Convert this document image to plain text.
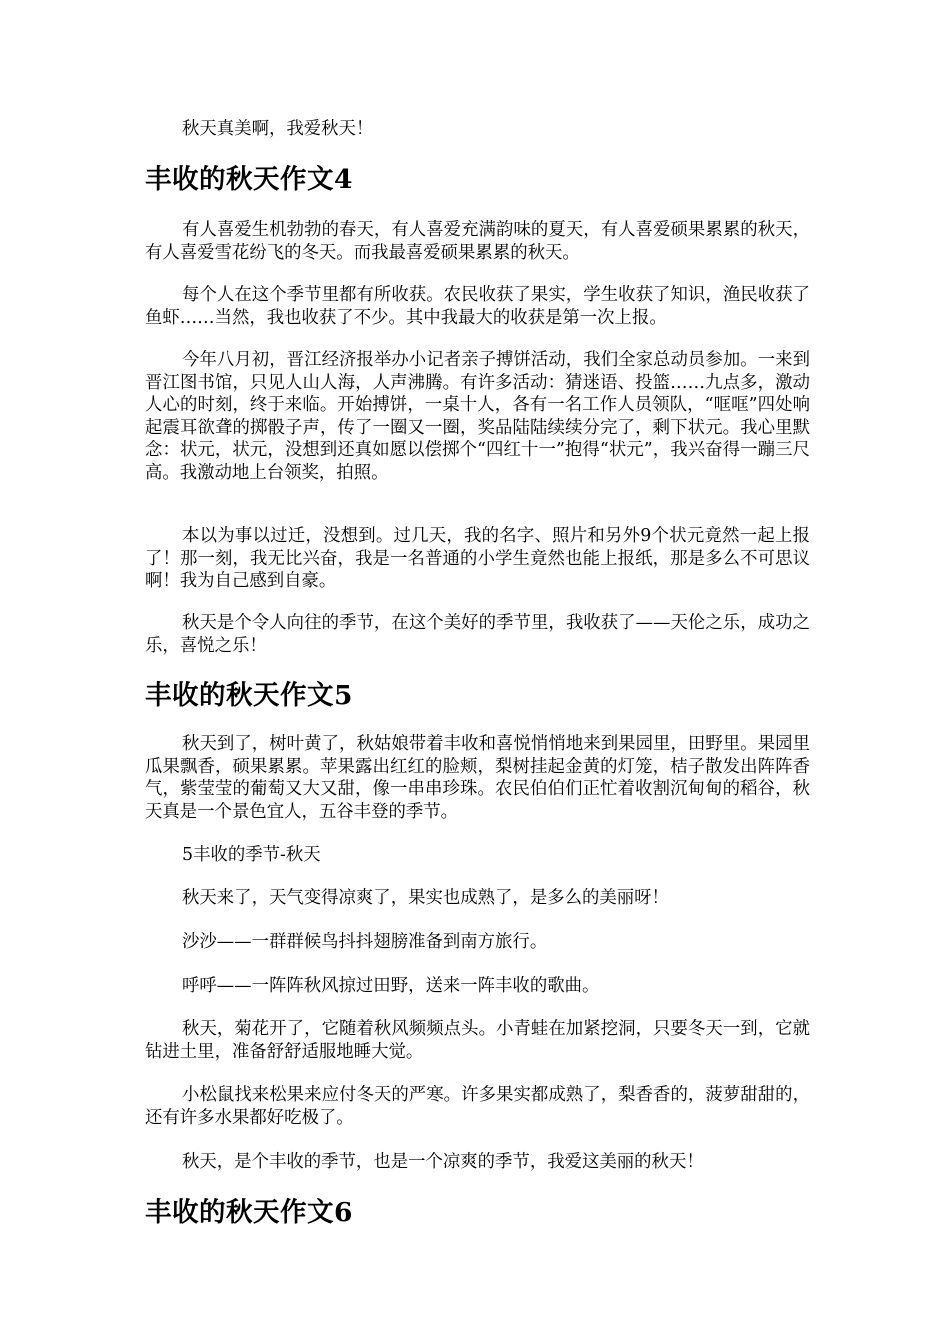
秋天真美啊，我爱秋天！

丰收的秋天作文4

有人喜爱生机勃勃的春天，有人喜爱充满韵味的夏天，有人喜爱硕果累累的秋天，有人喜爱雪花纷飞的冬天。而我最喜爱硕果累累的秋天。

每个人在这个季节里都有所收获。农民收获了果实，学生收获了知识，渔民收获了鱼虾……当然，我也收获了不少。其中我最大的收获是第一次上报。

今年八月初，晋江经济报举办小记者亲子搏饼活动，我们全家总动员参加。一来到晋江图书馆，只见人山人海，人声沸腾。有许多活动：猜迷语、投篮……九点多，激动人心的时刻，终于来临。开始搏饼，一桌十人，各有一名工作人员领队，“哐哐”四处响起震耳欲聋的掷骰子声，传了一圈又一圈，奖品陆陆续续分完了，剩下状元。我心里默念：状元，状元，没想到还真如愿以偿掷个“四红十一”抱得“状元”，我兴奋得一蹦三尺高。我激动地上台领奖，拍照。

本以为事以过迁，没想到。过几天，我的名字、照片和另外9个状元竟然一起上报了！那一刻，我无比兴奋，我是一名普通的小学生竟然也能上报纸，那是多么不可思议啊！我为自己感到自豪。

秋天是个令人向往的季节，在这个美好的季节里，我收获了——天伦之乐，成功之乐，喜悦之乐！

丰收的秋天作文5

秋天到了，树叶黄了，秋姑娘带着丰收和喜悦悄悄地来到果园里，田野里。果园里瓜果飘香，硕果累累。苹果露出红红的脸颊，梨树挂起金黄的灯笼，桔子散发出阵阵香气，紫莹莹的葡萄又大又甜，像一串串珍珠。农民伯伯们正忙着收割沉甸甸的稻谷，秋天真是一个景色宜人，五谷丰登的季节。

5丰收的季节-秋天

秋天来了，天气变得凉爽了，果实也成熟了，是多么的美丽呀！

沙沙——一群群候鸟抖抖翅膀准备到南方旅行。

呼呼——一阵阵秋风掠过田野，送来一阵丰收的歌曲。

秋天，菊花开了，它随着秋风频频点头。小青蛙在加紧挖洞，只要冬天一到，它就钻进土里，准备舒舒适服地睡大觉。

小松鼠找来松果来应付冬天的严寒。许多果实都成熟了，梨香香的，菠萝甜甜的，还有许多水果都好吃极了。

秋天，是个丰收的季节，也是一个凉爽的季节，我爱这美丽的秋天！

丰收的秋天作文6
